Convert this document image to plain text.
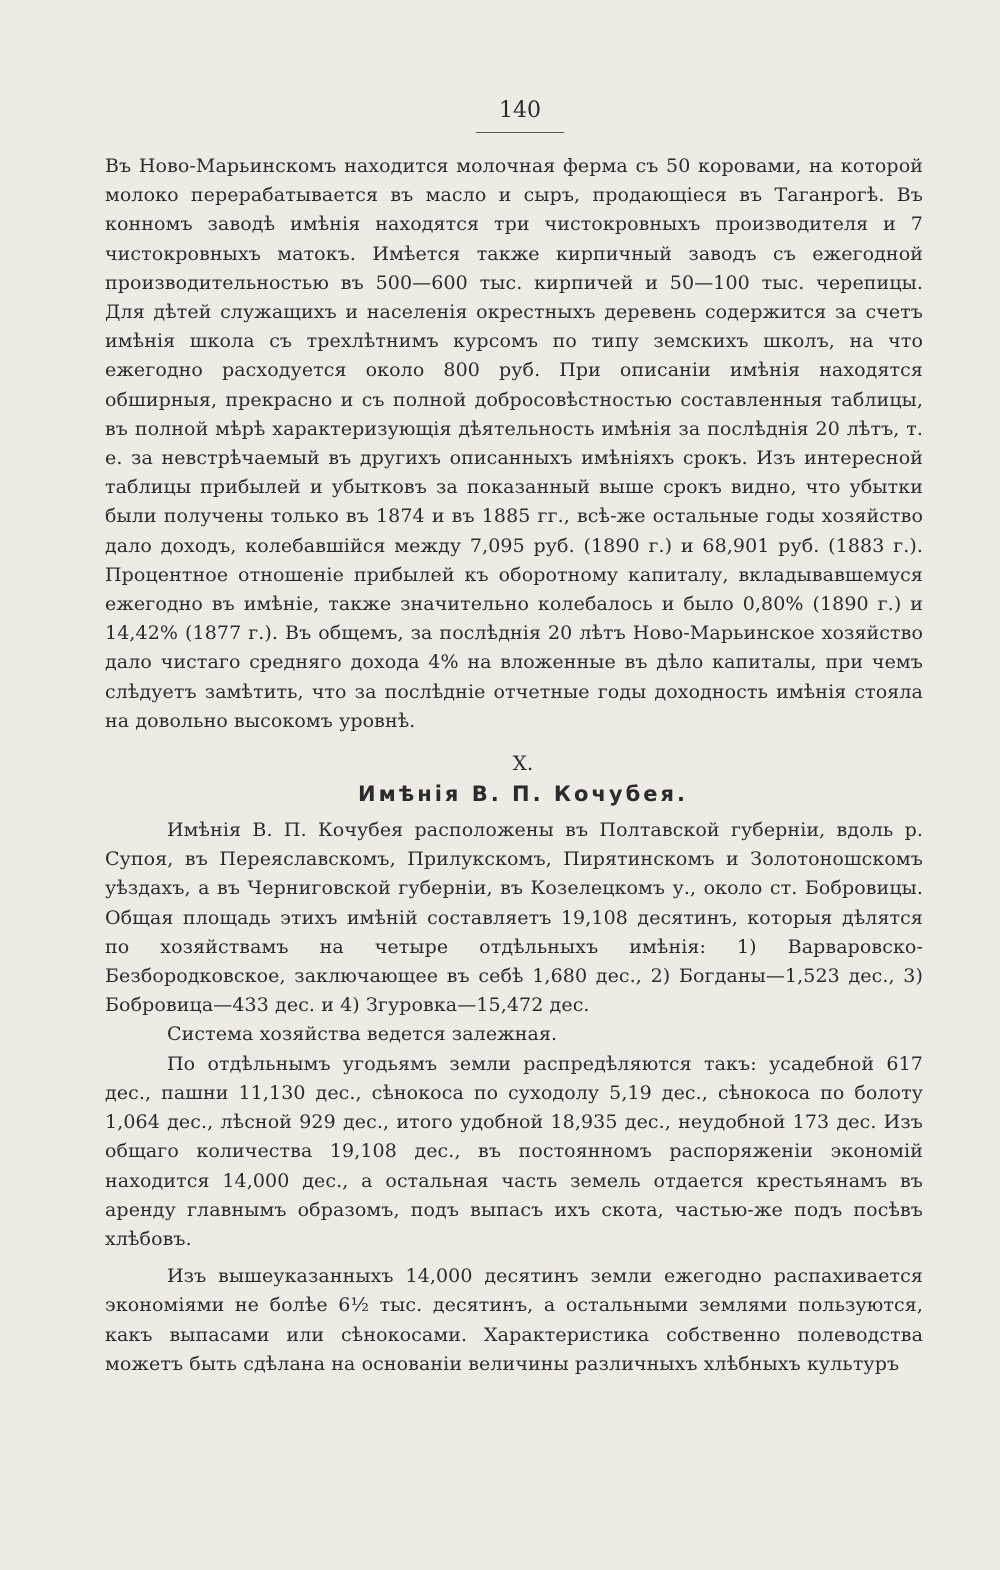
140

Въ Ново-Марьинскомъ находится молочная ферма съ 50 коровами, на которой молоко перерабатывается въ масло и сыръ, продающiеся въ Таганрогѣ. Въ конномъ заводѣ имѣнiя находятся три чистокровныхъ производителя и 7 чистокровныхъ матокъ. Имѣется также кирпичный заводъ съ ежегодной производительностью въ 500—600 тыс. кирпичей и 50—100 тыс. черепицы. Для дѣтей служащихъ и населенiя окрестныхъ деревень содержится за счетъ имѣнiя школа съ трехлѣтнимъ курсомъ по типу земскихъ школъ, на что ежегодно расходуется около 800 руб. При описанiи имѣнiя находятся обширныя, прекрасно и съ полной добросовѣстностью составленныя таблицы, въ полной мѣрѣ характеризующiя дѣятельность имѣнiя за послѣднiя 20 лѣтъ, т. е. за невстрѣчаемый въ другихъ описанныхъ имѣнiяхъ срокъ. Изъ интересной таблицы прибылей и убытковъ за показанный выше срокъ видно, что убытки были получены только въ 1874 и въ 1885 гг., всѣ-же остальные годы хозяйство дало доходъ, колебавшiйся между 7,095 руб. (1890 г.) и 68,901 руб. (1883 г.). Процентное отношенiе прибылей къ оборотному капиталу, вкладывавшемуся ежегодно въ имѣнiе, также значительно колебалось и было 0,80% (1890 г.) и 14,42% (1877 г.). Въ общемъ, за послѣднiя 20 лѣтъ Ново-Марьинское хозяйство дало чистаго средняго дохода 4% на вложенные въ дѣло капиталы, при чемъ слѣдуетъ замѣтить, что за послѣднiе отчетные годы доходность имѣнiя стояла на довольно высокомъ уровнѣ.

X.
Имѣнiя В. П. Кочубея.

Имѣнiя В. П. Кочубея расположены въ Полтавской губернiи, вдоль р. Супоя, въ Переяславскомъ, Прилукскомъ, Пирятинскомъ и Золотоношскомъ уѣздахъ, а въ Черниговской губернiи, въ Козелецкомъ у., около ст. Бобровицы. Общая площадь этихъ имѣнiй составляетъ 19,108 десятинъ, которыя дѣлятся по хозяйствамъ на четыре отдѣльныхъ имѣнiя: 1) Варваровско-Безбородковское, заключающее въ себѣ 1,680 дес., 2) Богданы—1,523 дес., 3) Бобровица—433 дес. и 4) Згуровка—15,472 дес.

Система хозяйства ведется залежная.

По отдѣльнымъ угодьямъ земли распредѣляются такъ: усадебной 617 дес., пашни 11,130 дес., сѣнокоса по суходолу 5,19 дес., сѣнокоса по болоту 1,064 дес., лѣсной 929 дес., итого удобной 18,935 дес., неудобной 173 дес. Изъ общаго количества 19,108 дес., въ постоянномъ распоряженiи экономiй находится 14,000 дес., а остальная часть земель отдается крестьянамъ въ аренду главнымъ образомъ, подъ выпасъ ихъ скота, частью-же подъ посѣвъ хлѣбовъ.

Изъ вышеуказанныхъ 14,000 десятинъ земли ежегодно распахивается экономiями не болѣе 6½ тыс. десятинъ, а остальными землями пользуются, какъ выпасами или сѣнокосами. Характеристика собственно полеводства можетъ быть сдѣлана на основанiи величины различныхъ хлѣбныхъ культуръ
